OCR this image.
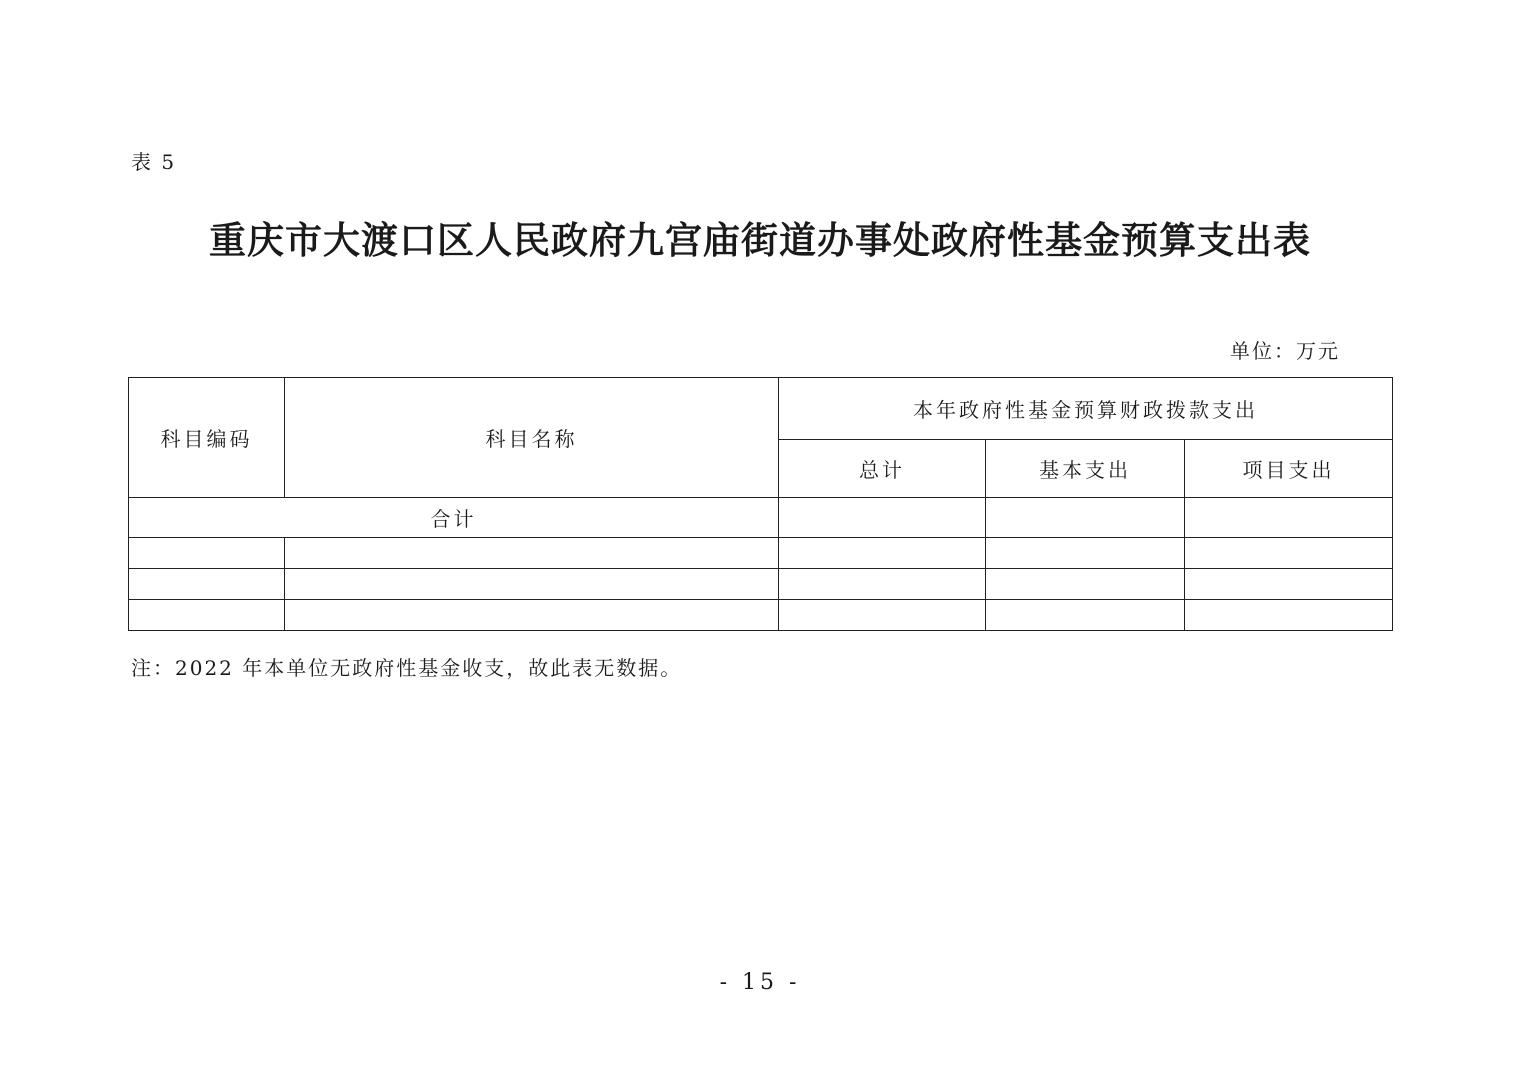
表 5
重庆市大渡口区人民政府九宫庙街道办事处政府性基金预算支出表
单位：万元
科目编码	科目名称	本年政府性基金预算财政拨款支出		
		总计	基本支出	项目支出
合计				

注：2022 年本单位无政府性基金收支，故此表无数据。
- 15 -
